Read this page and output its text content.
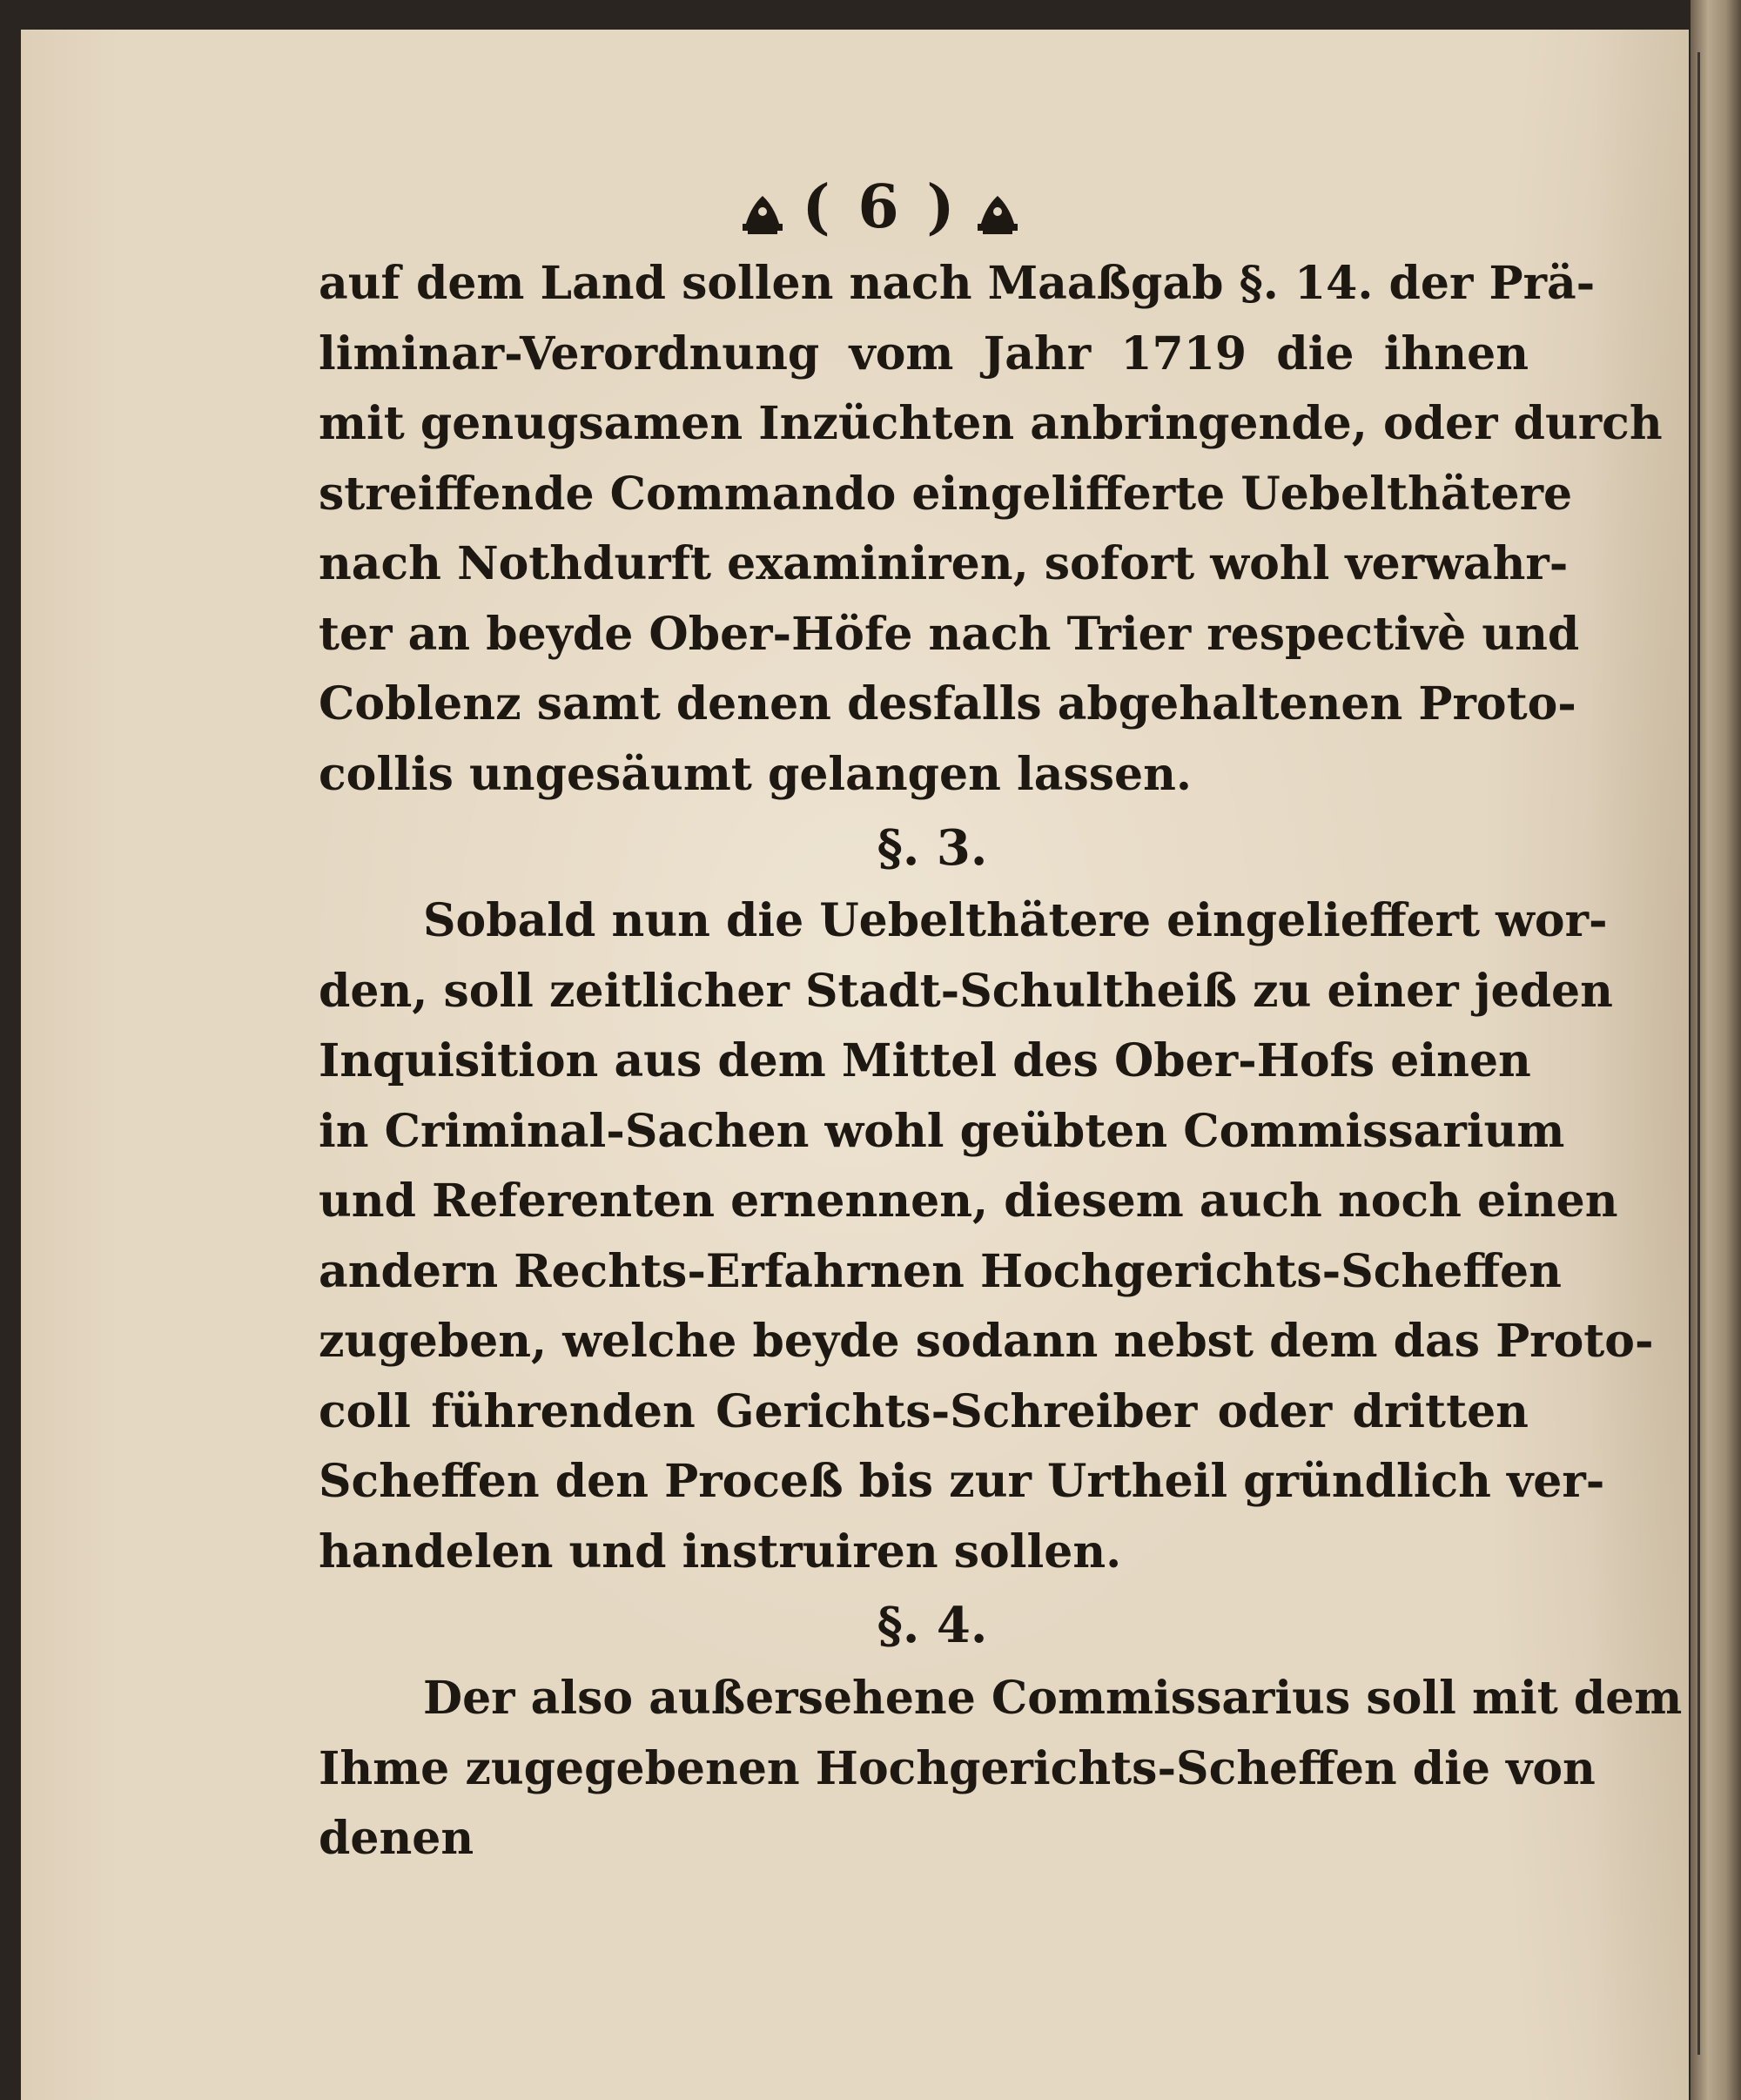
( 6 )
auf dem Land sollen nach Maaßgab §. 14. der Prä-
liminar-Verordnung vom Jahr 1719 die ihnen
mit genugsamen Inzüchten anbringende, oder durch
streiffende Commando eingelifferte Uebelthätere
nach Nothdurft examiniren, sofort wohl verwahr-
ter an beyde Ober-Höfe nach Trier respectivè und
Coblenz samt denen desfalls abgehaltenen Proto-
collis ungesäumt gelangen lassen.
§. 3.
Sobald nun die Uebelthätere eingelieffert wor-
den, soll zeitlicher Stadt-Schultheiß zu einer jeden
Inquisition aus dem Mittel des Ober-Hofs einen
in Criminal-Sachen wohl geübten Commissarium
und Referenten ernennen, diesem auch noch einen
andern Rechts-Erfahrnen Hochgerichts-Scheffen
zugeben, welche beyde sodann nebst dem das Proto-
coll führenden Gerichts-Schreiber oder dritten
Scheffen den Proceß bis zur Urtheil gründlich ver-
handelen und instruiren sollen.
§. 4.
Der also außersehene Commissarius soll mit dem
Ihme zugegebenen Hochgerichts-Scheffen die von
denen
